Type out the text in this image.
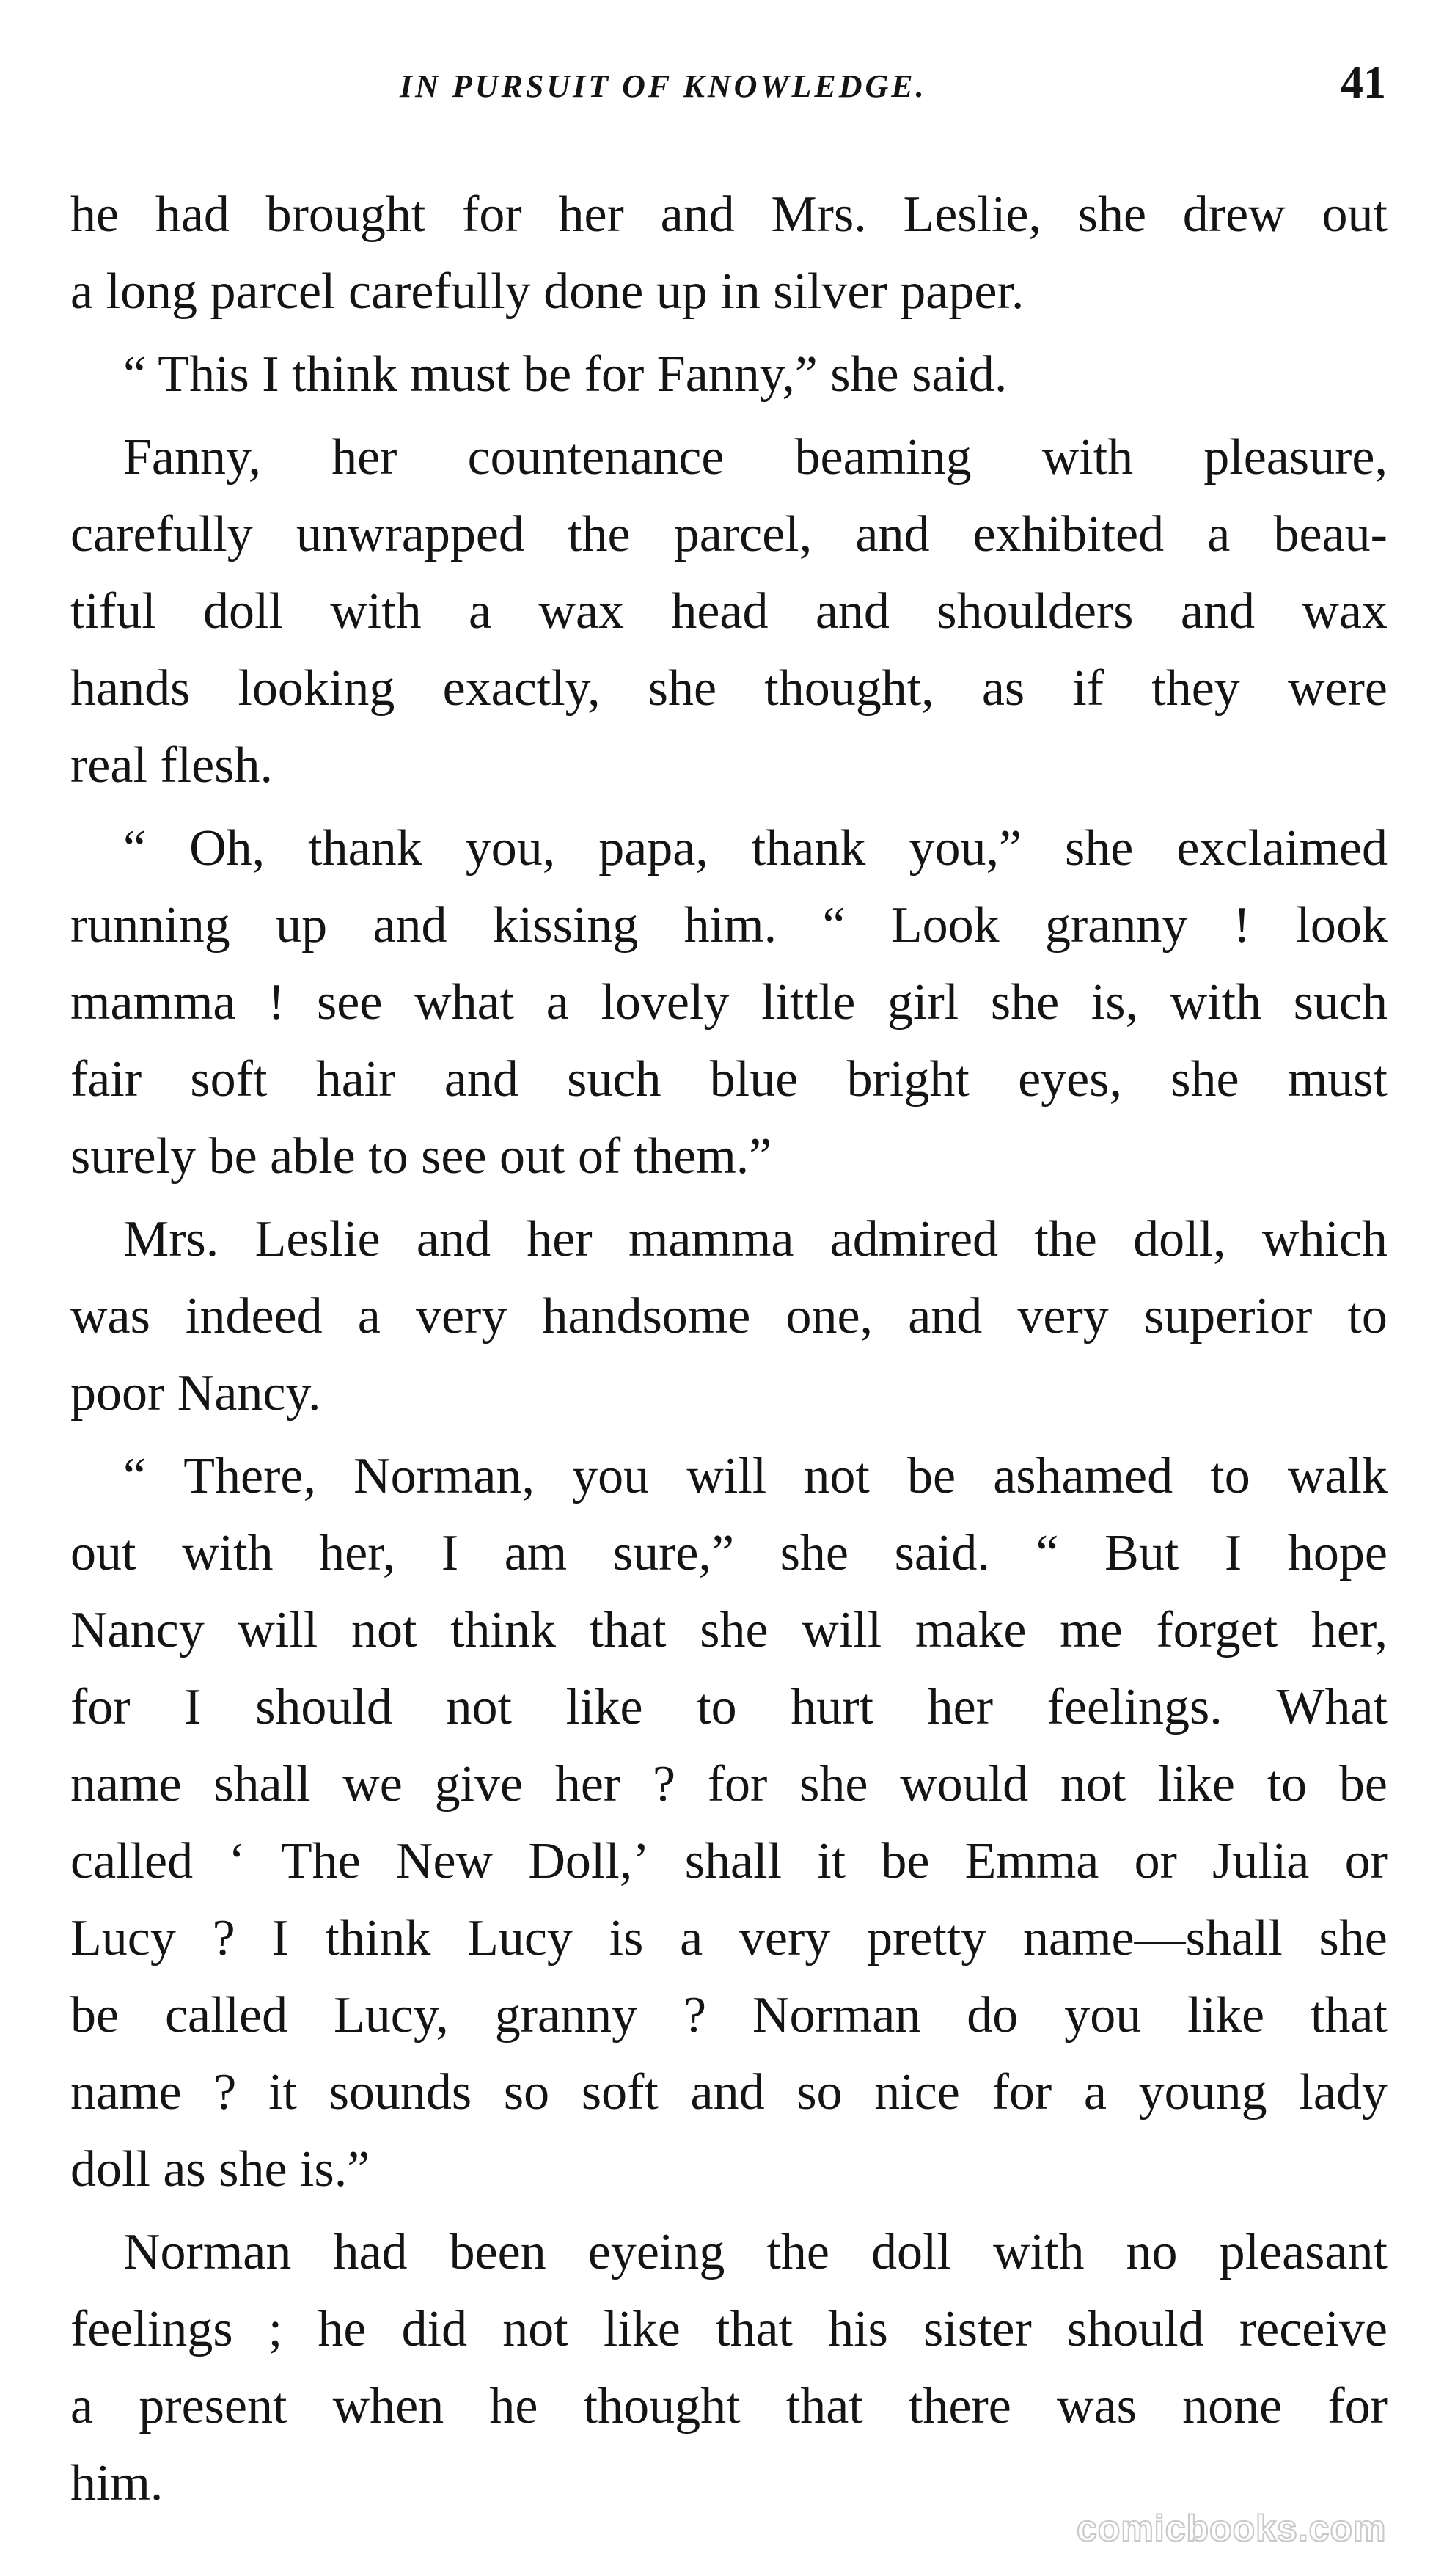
IN PURSUIT OF KNOWLEDGE.	41
he had brought for her and Mrs. Leslie, she drew out
a long parcel carefully done up in silver paper.
“ This I think must be for Fanny,” she said.
Fanny, her countenance beaming with pleasure,
carefully unwrapped the parcel, and exhibited a beau-
tiful doll with a wax head and shoulders and wax
hands looking exactly, she thought, as if they were
real flesh.
“ Oh, thank you, papa, thank you,” she exclaimed
running up and kissing him. “ Look granny ! look
mamma ! see what a lovely little girl she is, with such
fair soft hair and such blue bright eyes, she must
surely be able to see out of them.”
Mrs. Leslie and her mamma admired the doll, which
was indeed a very handsome one, and very superior to
poor Nancy.
“ There, Norman, you will not be ashamed to walk
out with her, I am sure,” she said. “ But I hope
Nancy will not think that she will make me forget her,
for I should not like to hurt her feelings. What
name shall we give her ? for she would not like to be
called ‘ The New Doll,’ shall it be Emma or Julia or
Lucy ? I think Lucy is a very pretty name—shall she
be called Lucy, granny ? Norman do you like that
name ? it sounds so soft and so nice for a young lady
doll as she is.”
Norman had been eyeing the doll with no pleasant
feelings ; he did not like that his sister should receive
a present when he thought that there was none for
him.
comicbooks.com
